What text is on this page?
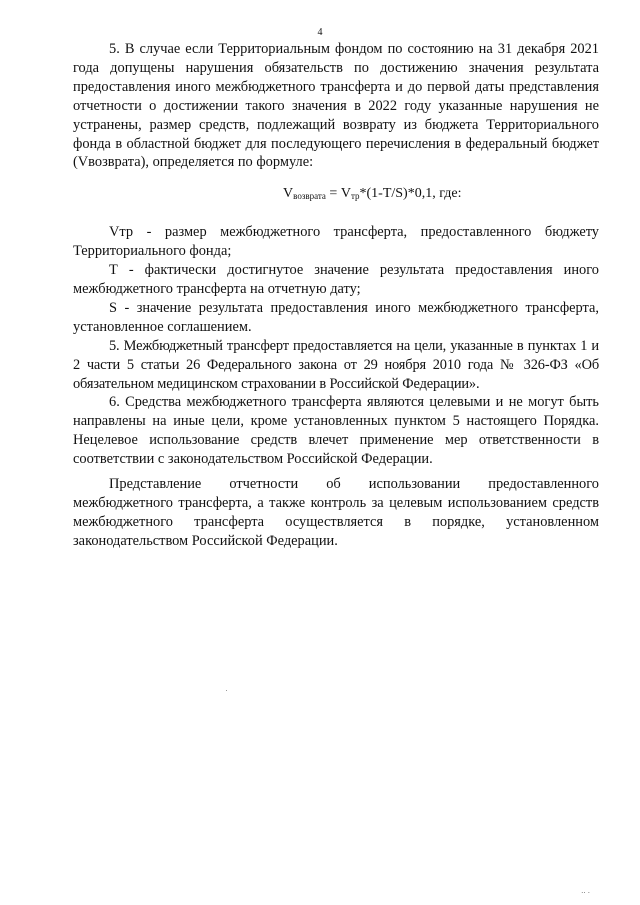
4

5. В случае если Территориальным фондом по состоянию на 31 декабря 2021 года допущены нарушения обязательств по достижению значения результата предоставления иного межбюджетного трансферта и до первой даты представления отчетности о достижении такого значения в 2022 году указанные нарушения не устранены, размер средств, подлежащий возврату из бюджета Территориального фонда в областной бюджет для последующего перечисления в федеральный бюджет (Vвозврата), определяется по формуле:

$V_{возврата} = V_{тр}*(1-T/S)*0,1$, где:

Vтр - размер межбюджетного трансферта, предоставленного бюджету Территориального фонда;

Т - фактически достигнутое значение результата предоставления иного межбюджетного трансферта на отчетную дату;

S - значение результата предоставления иного межбюджетного трансферта, установленное соглашением.

5. Межбюджетный трансферт предоставляется на цели, указанные в пунктах 1 и 2 части 5 статьи 26 Федерального закона от 29 ноября 2010 года № 326-ФЗ «Об обязательном медицинском страховании в Российской Федерации».

6. Средства межбюджетного трансферта являются целевыми и не могут быть направлены на иные цели, кроме установленных пунктом 5 настоящего Порядка. Нецелевое использование средств влечет применение мер ответственности в соответствии с законодательством Российской Федерации.

Представление отчетности об использовании предоставленного межбюджетного трансферта, а также контроль за целевым использованием средств межбюджетного трансферта осуществляется в порядке, установленном законодательством Российской Федерации.

·· ·
